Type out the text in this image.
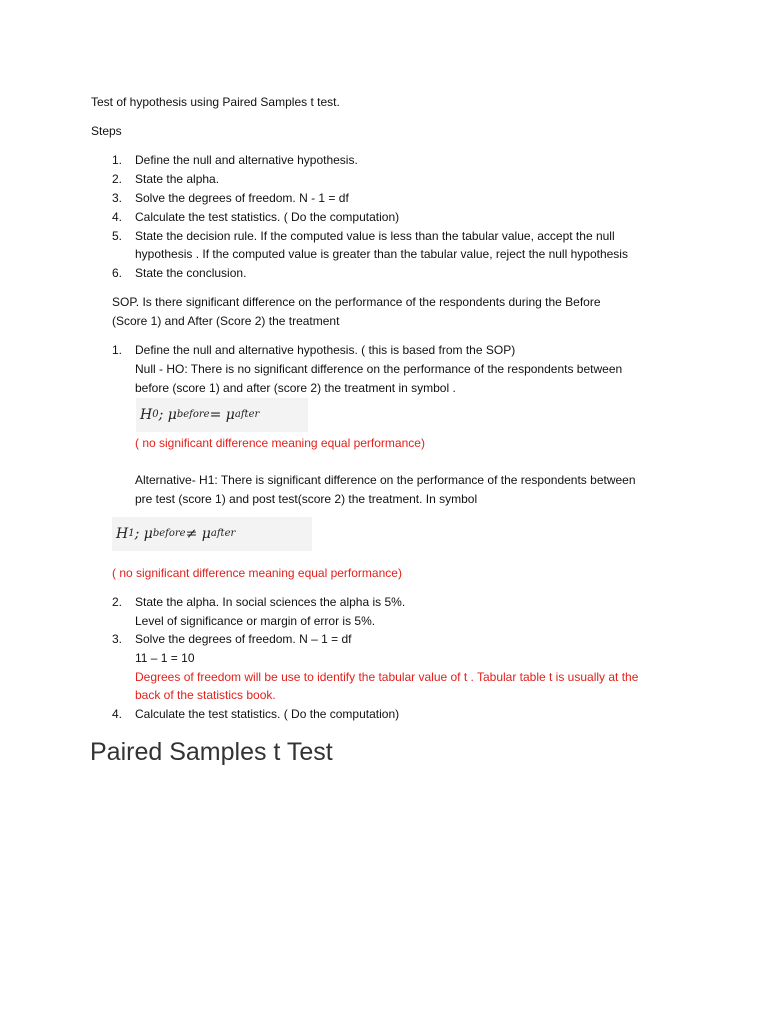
Test of hypothesis using Paired Samples t test.
Steps
1.	Define the null and alternative hypothesis.
2.	State the alpha.
3.	Solve the degrees of freedom. N - 1 = df
4.	Calculate the test statistics. ( Do the computation)
5.	State the decision rule. If the computed value is less than the tabular value, accept the null
hypothesis . If the computed value is greater than the tabular value, reject the null hypothesis
6.	State the conclusion.
SOP. Is there significant difference on the performance of the respondents during the Before
(Score 1) and After (Score 2) the treatment
1.	Define the null and alternative hypothesis. ( this is based from the SOP)
Null - HO: There is no significant difference on the performance of the respondents between
before (score 1) and after (score 2) the treatment in symbol .
H 0 ; μ before = μ after
( no significant difference meaning equal performance)
Alternative- H1: There is significant difference on the performance of the respondents between
pre test (score 1) and post test(score 2) the treatment. In symbol
H 1 ; μ before ≠ μ after
( no significant difference meaning equal performance)
2.	State the alpha. In social sciences the alpha is 5%.
Level of significance or margin of error is 5%.
3.	Solve the degrees of freedom. N – 1 = df
11 – 1 = 10
Degrees of freedom will be use to identify the tabular value of t . Tabular table t is usually at the
back of the statistics book.
4.	Calculate the test statistics. ( Do the computation)
Paired Samples t Test
